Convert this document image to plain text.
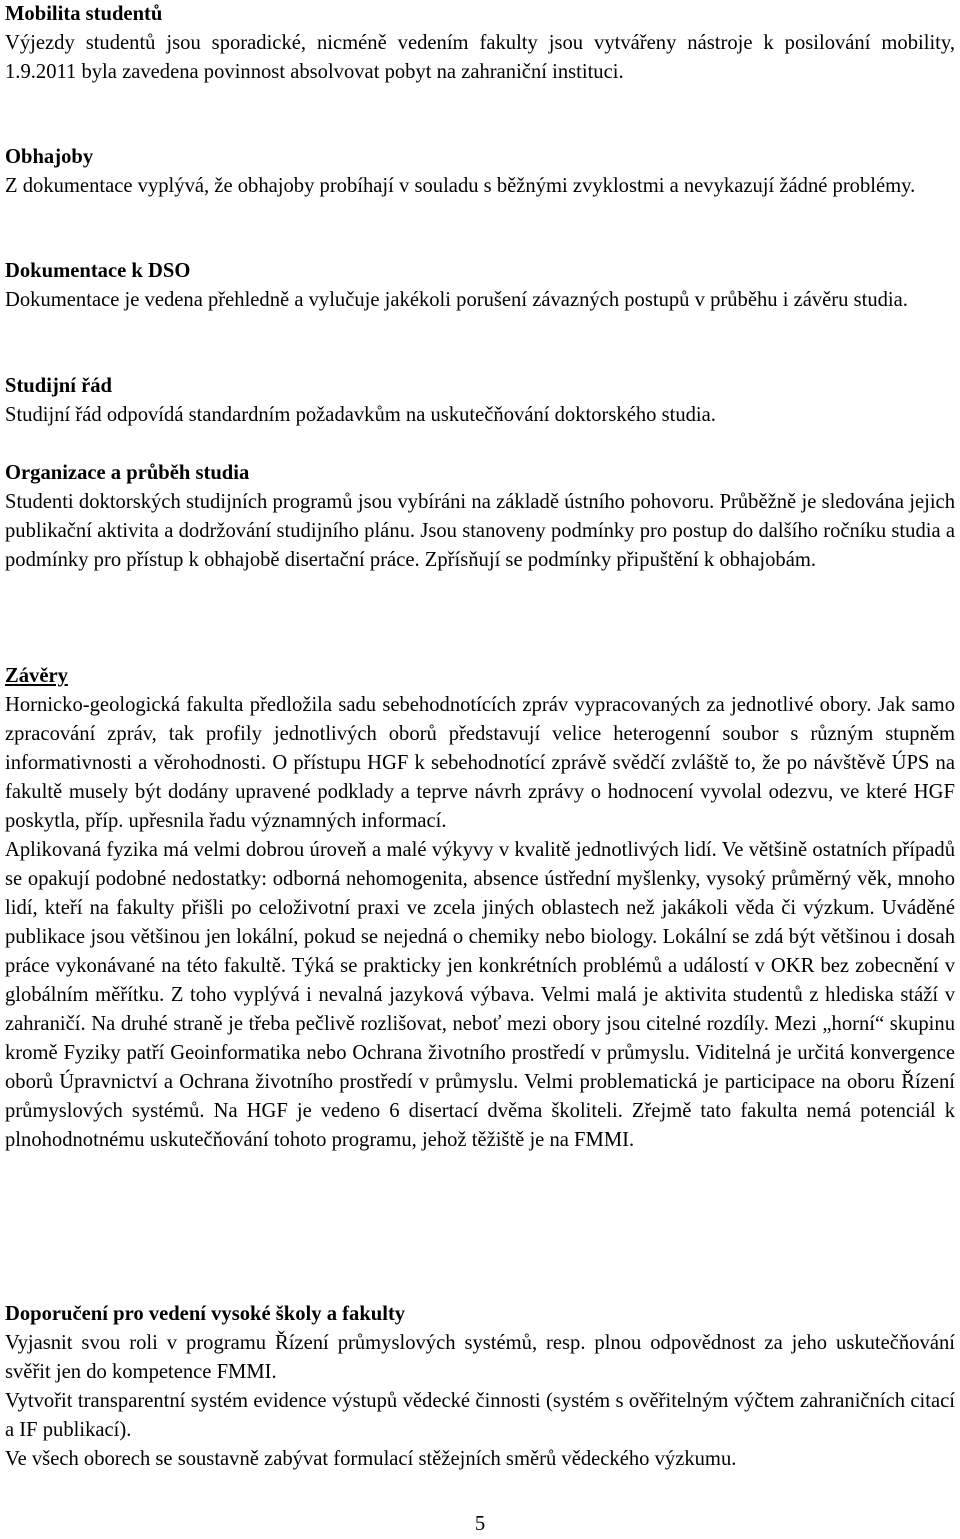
Mobilita studentů
Výjezdy studentů jsou sporadické, nicméně vedením fakulty jsou vytvářeny nástroje k posilování mobility, 1.9.2011 byla zavedena povinnost absolvovat pobyt na zahraniční instituci.
Obhajoby
Z dokumentace vyplývá, že obhajoby probíhají v souladu s běžnými zvyklostmi a nevykazují žádné problémy.
Dokumentace k DSO
Dokumentace je vedena přehledně a vylučuje jakékoli porušení závazných postupů v průběhu i závěru studia.
Studijní řád
Studijní řád odpovídá standardním požadavkům na uskutečňování doktorského studia.
Organizace a průběh studia
Studenti doktorských studijních programů jsou vybíráni na základě ústního pohovoru. Průběžně je sledována jejich publikační aktivita a dodržování studijního plánu. Jsou stanoveny podmínky pro postup do dalšího ročníku studia a podmínky pro přístup k obhajobě disertační práce. Zpřísňují se podmínky připuštění k obhajobám.
Závěry
Hornicko-geologická fakulta předložila sadu sebehodnotících zpráv vypracovaných za jednotlivé obory. Jak samo zpracování zpráv, tak profily jednotlivých oborů představují velice heterogenní soubor s různým stupněm informativnosti a věrohodnosti. O přístupu HGF k sebehodnotící zprávě svědčí zvláště to, že po návštěvě ÚPS na fakultě musely být dodány upravené podklady a teprve návrh zprávy o hodnocení vyvolal odezvu, ve které HGF poskytla, příp. upřesnila řadu významných informací.
Aplikovaná fyzika má velmi dobrou úroveň a malé výkyvy v kvalitě jednotlivých lidí. Ve většině ostatních případů se opakují podobné nedostatky: odborná nehomogenita, absence ústřední myšlenky, vysoký průměrný věk, mnoho lidí, kteří na fakulty přišli po celoživotní praxi ve zcela jiných oblastech než jakákoli věda či výzkum. Uváděné publikace jsou většinou jen lokální, pokud se nejedná o chemiky nebo biology. Lokální se zdá být většinou i dosah práce vykonávané na této fakultě. Týká se prakticky jen konkrétních problémů a událostí v OKR bez zobecnění v globálním měřítku. Z toho vyplývá i nevalná jazyková výbava. Velmi malá je aktivita studentů z hlediska stáží v zahraničí. Na druhé straně je třeba pečlivě rozlišovat, neboť mezi obory jsou citelné rozdíly. Mezi „horní“ skupinu kromě Fyziky patří Geoinformatika nebo Ochrana životního prostředí v průmyslu. Viditelná je určitá konvergence oborů Úpravnictví a Ochrana životního prostředí v průmyslu. Velmi problematická je participace na oboru Řízení průmyslových systémů. Na HGF je vedeno 6 disertací dvěma školiteli. Zřejmě tato fakulta nemá potenciál k plnohodnotnému uskutečňování tohoto programu, jehož těžiště je na FMMI.
Doporučení pro vedení vysoké školy a fakulty
Vyjasnit svou roli v programu Řízení průmyslových systémů, resp. plnou odpovědnost za jeho uskutečňování svěřit jen do kompetence FMMI.
Vytvořit transparentní systém evidence výstupů vědecké činnosti (systém s ověřitelným výčtem zahraničních citací a IF publikací).
Ve všech oborech se soustavně zabývat formulací stěžejních směrů vědeckého výzkumu.
5
